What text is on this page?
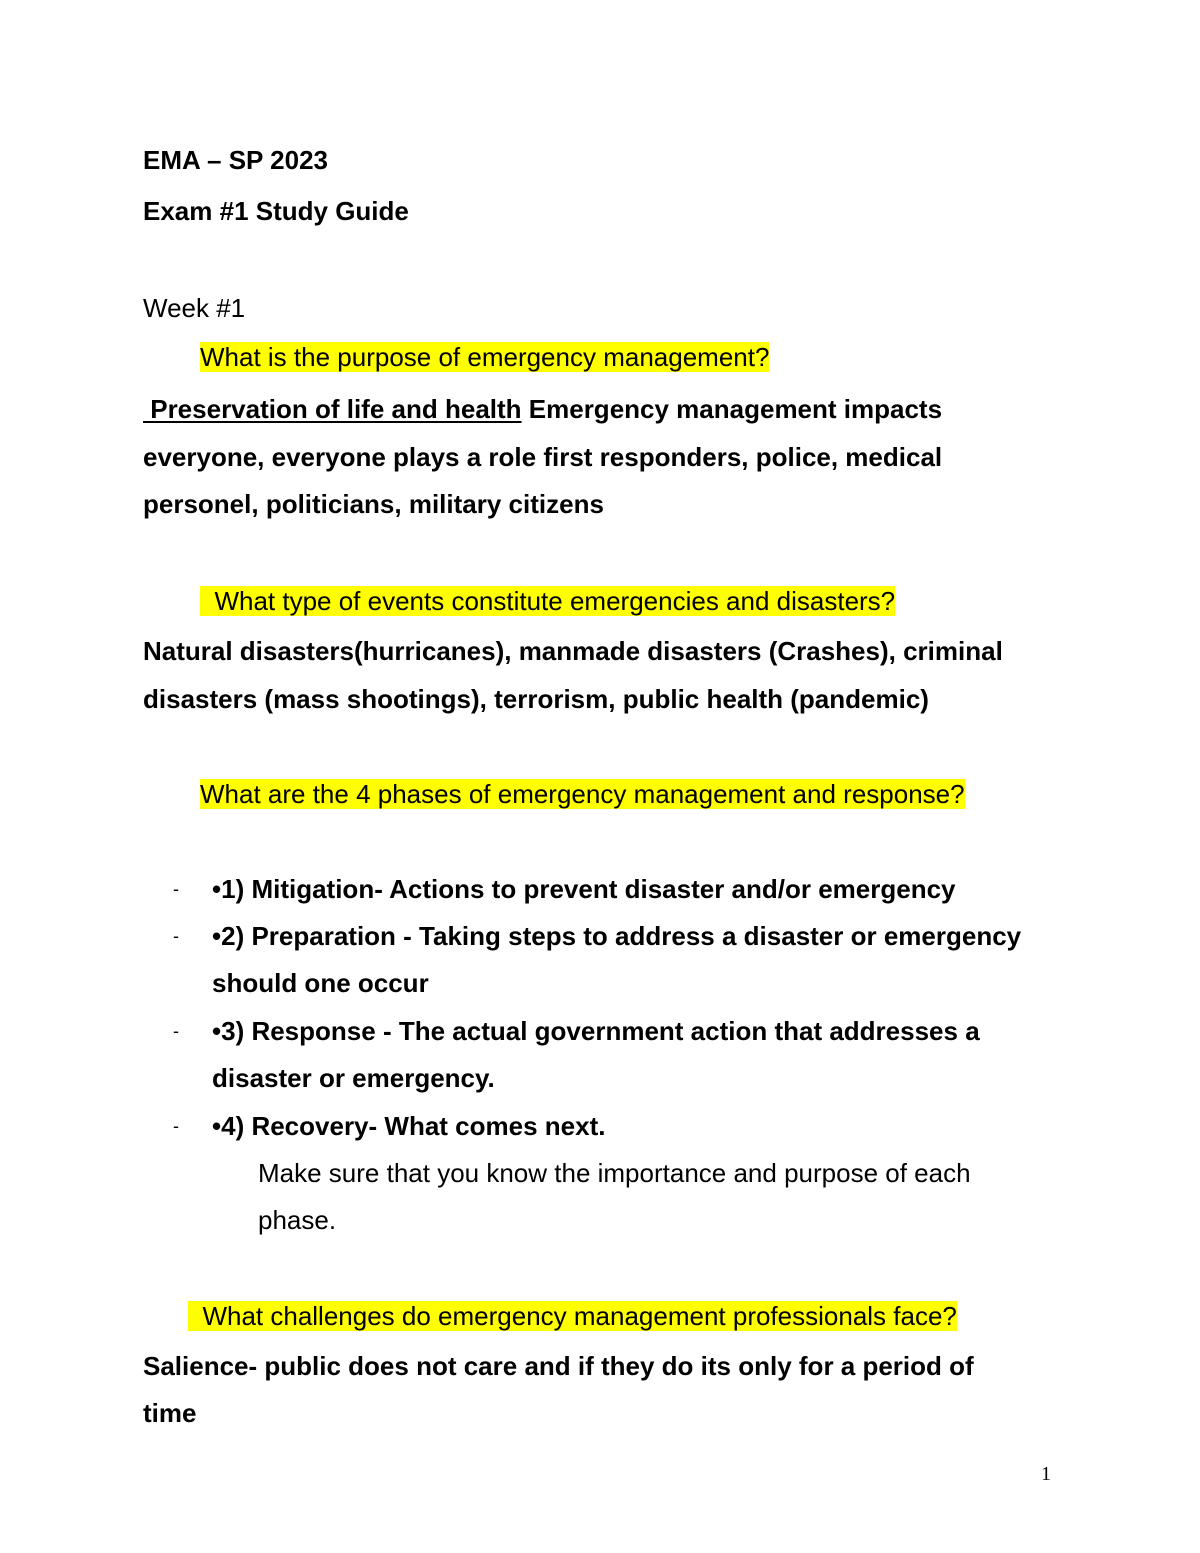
EMA – SP 2023
Exam #1 Study Guide
Week #1
What is the purpose of emergency management?
Preservation of life and health Emergency management impacts
everyone, everyone plays a role first responders, police, medical
personel, politicians, military citizens
What type of events constitute emergencies and disasters?
Natural disasters(hurricanes), manmade disasters (Crashes), criminal
disasters (mass shootings), terrorism, public health (pandemic)
What are the 4 phases of emergency management and response?
- •1) Mitigation- Actions to prevent disaster and/or emergency
- •2) Preparation - Taking steps to address a disaster or emergency
should one occur
- •3) Response - The actual government action that addresses a
disaster or emergency.
- •4) Recovery- What comes next.
Make sure that you know the importance and purpose of each
phase.
What challenges do emergency management professionals face?
Salience- public does not care and if they do its only for a period of
time
1
